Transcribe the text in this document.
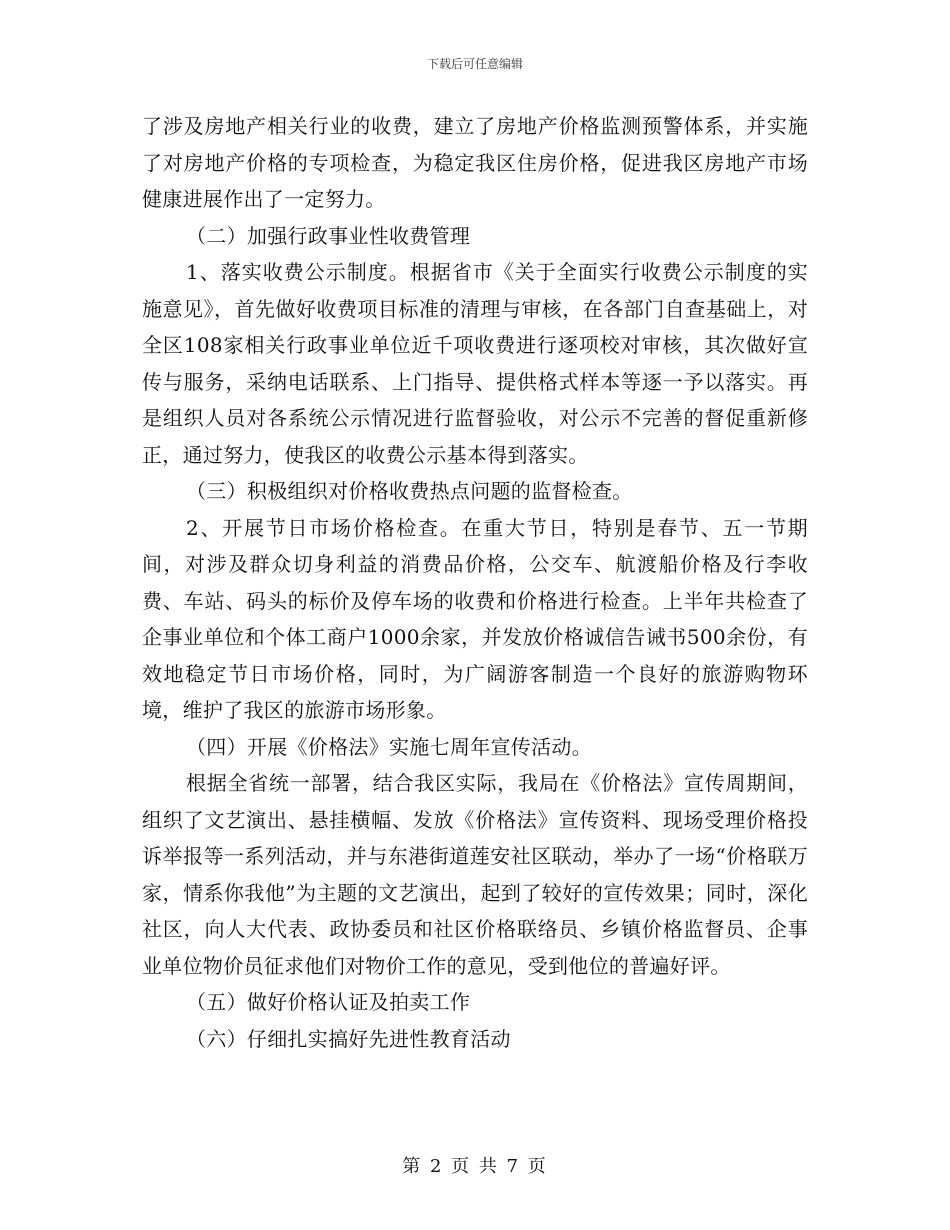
下载后可任意编辑

了涉及房地产相关行业的收费，建立了房地产价格监测预警体系，并实施了对房地产价格的专项检查，为稳定我区住房价格，促进我区房地产市场健康进展作出了一定努力。

（二）加强行政事业性收费管理

1、落实收费公示制度。根据省市《关于全面实行收费公示制度的实施意见》，首先做好收费项目标准的清理与审核，在各部门自查基础上，对全区108家相关行政事业单位近千项收费进行逐项校对审核，其次做好宣传与服务，采纳电话联系、上门指导、提供格式样本等逐一予以落实。再是组织人员对各系统公示情况进行监督验收，对公示不完善的督促重新修正，通过努力，使我区的收费公示基本得到落实。

（三）积极组织对价格收费热点问题的监督检查。

2、开展节日市场价格检查。在重大节日，特别是春节、五一节期间，对涉及群众切身利益的消费品价格，公交车、航渡船价格及行李收费、车站、码头的标价及停车场的收费和价格进行检查。上半年共检查了企事业单位和个体工商户1000余家，并发放价格诚信告诫书500余份，有效地稳定节日市场价格，同时，为广阔游客制造一个良好的旅游购物环境，维护了我区的旅游市场形象。

（四）开展《价格法》实施七周年宣传活动。

根据全省统一部署，结合我区实际，我局在《价格法》宣传周期间，组织了文艺演出、悬挂横幅、发放《价格法》宣传资料、现场受理价格投诉举报等一系列活动，并与东港街道莲安社区联动，举办了一场“价格联万家，情系你我他”为主题的文艺演出，起到了较好的宣传效果；同时，深化社区，向人大代表、政协委员和社区价格联络员、乡镇价格监督员、企事业单位物价员征求他们对物价工作的意见，受到他位的普遍好评。

（五）做好价格认证及拍卖工作

（六）仔细扎实搞好先进性教育活动

第 2 页 共 7 页
